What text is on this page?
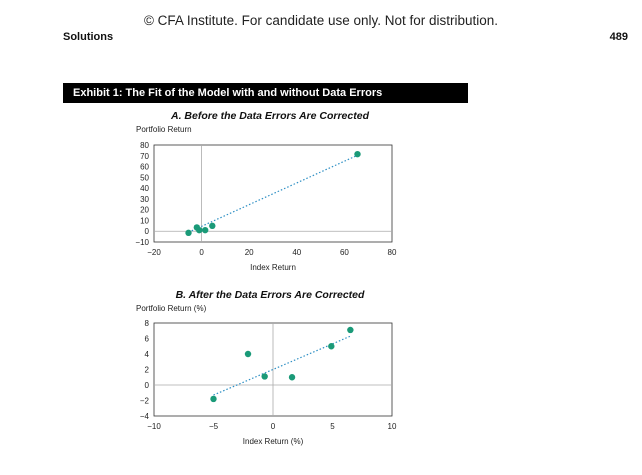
© CFA Institute. For candidate use only. Not for distribution.
Solutions	489
Exhibit 1: The Fit of the Model with and without Data Errors
A. Before the Data Errors Are Corrected
Portfolio Return
−20	0	20	40	60	80
−10
0
10
20
30
40
50
60
70
80
Index Return
B. After the Data Errors Are Corrected
Portfolio Return (%)
−10	−5	0	5	10
−4
−2
0
2
4
6
8
Index Return (%)
